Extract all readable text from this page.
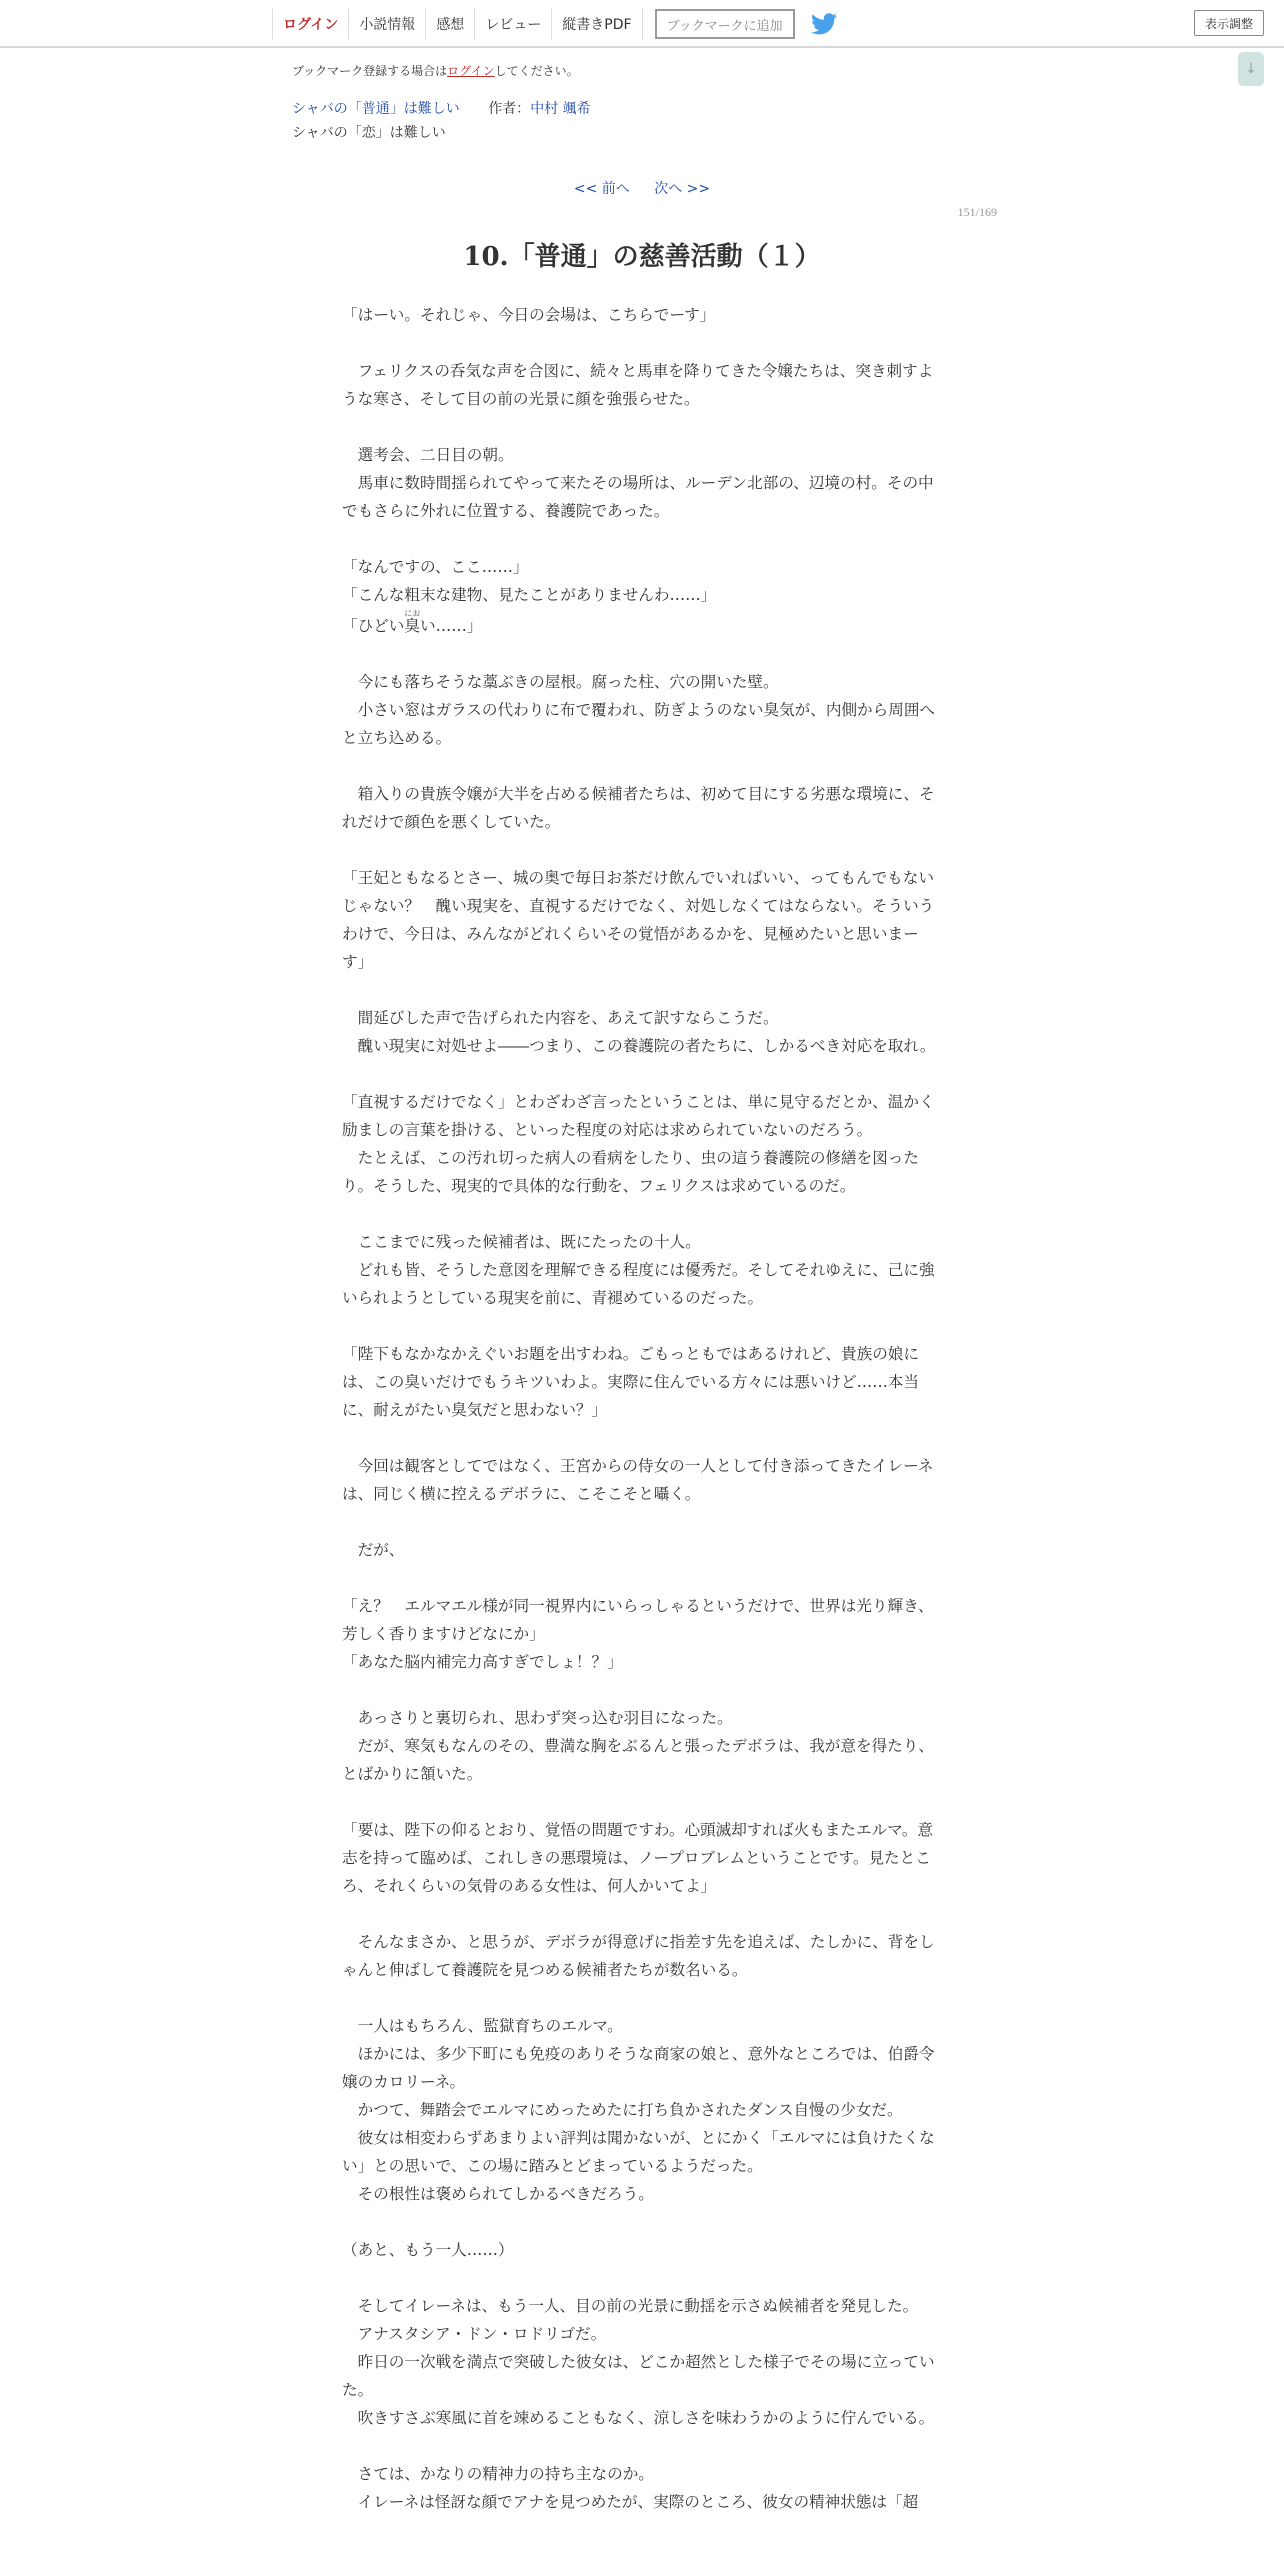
ログイン	小説情報	感想	レビュー	縦書きPDF	ブックマークに追加	表示調整
↓
ブックマーク登録する場合はログインしてください。
シャバの「普通」は難しい 作者：中村 颯希
シャバの「恋」は難しい
<< 前へ 次へ >>
151/169
10.「普通」の慈善活動（１）

「はーい。それじゃ、今日の会場は、こちらでーす」

　フェリクスの呑気な声を合図に、続々と馬車を降りてきた令嬢たちは、突き刺すような寒さ、そして目の前の光景に顔を強張らせた。

　選考会、二日目の朝。

　馬車に数時間揺られてやって来たその場所は、ルーデン北部の、辺境の村。その中でもさらに外れに位置する、養護院であった。

「なんですの、ここ……」

「こんな粗末な建物、見たことがありませんわ……」

「ひどい臭におい……」

　今にも落ちそうな藁ぶきの屋根。腐った柱、穴の開いた壁。

　小さい窓はガラスの代わりに布で覆われ、防ぎようのない臭気が、内側から周囲へと立ち込める。

　箱入りの貴族令嬢が大半を占める候補者たちは、初めて目にする劣悪な環境に、それだけで顔色を悪くしていた。

「王妃ともなるとさー、城の奥で毎日お茶だけ飲んでいればいい、ってもんでもないじゃない？　醜い現実を、直視するだけでなく、対処しなくてはならない。そういうわけで、今日は、みんながどれくらいその覚悟があるかを、見極めたいと思いまーす」

　間延びした声で告げられた内容を、あえて訳すならこうだ。

　醜い現実に対処せよ――つまり、この養護院の者たちに、しかるべき対応を取れ。

「直視するだけでなく」とわざわざ言ったということは、単に見守るだとか、温かく励ましの言葉を掛ける、といった程度の対応は求められていないのだろう。

　たとえば、この汚れ切った病人の看病をしたり、虫の這う養護院の修繕を図ったり。そうした、現実的で具体的な行動を、フェリクスは求めているのだ。

　ここまでに残った候補者は、既にたったの十人。

　どれも皆、そうした意図を理解できる程度には優秀だ。そしてそれゆえに、己に強いられようとしている現実を前に、青褪めているのだった。

「陛下もなかなかえぐいお題を出すわね。ごもっともではあるけれど、貴族の娘には、この臭いだけでもうキツいわよ。実際に住んでいる方々には悪いけど……本当に、耐えがたい臭気だと思わない？」

　今回は観客としてではなく、王宮からの侍女の一人として付き添ってきたイレーネは、同じく横に控えるデボラに、こそこそと囁く。

　だが、

「え？　エルマエル様が同一視界内にいらっしゃるというだけで、世界は光り輝き、芳しく香りますけどなにか」

「あなた脳内補完力高すぎでしょ！？」

　あっさりと裏切られ、思わず突っ込む羽目になった。

　だが、寒気もなんのその、豊満な胸をぶるんと張ったデボラは、我が意を得たり、とばかりに頷いた。

「要は、陛下の仰るとおり、覚悟の問題ですわ。心頭滅却すれば火もまたエルマ。意志を持って臨めば、これしきの悪環境は、ノープロブレムということです。見たところ、それくらいの気骨のある女性は、何人かいてよ」

　そんなまさか、と思うが、デボラが得意げに指差す先を追えば、たしかに、背をしゃんと伸ばして養護院を見つめる候補者たちが数名いる。

　一人はもちろん、監獄育ちのエルマ。

　ほかには、多少下町にも免疫のありそうな商家の娘と、意外なところでは、伯爵令嬢のカロリーネ。

　かつて、舞踏会でエルマにめっためたに打ち負かされたダンス自慢の少女だ。

　彼女は相変わらずあまりよい評判は聞かないが、とにかく「エルマには負けたくない」との思いで、この場に踏みとどまっているようだった。

　その根性は褒められてしかるべきだろう。

（あと、もう一人……）

　そしてイレーネは、もう一人、目の前の光景に動揺を示さぬ候補者を発見した。

　アナスタシア・ドン・ロドリゴだ。

　昨日の一次戦を満点で突破した彼女は、どこか超然とした様子でその場に立っていた。

　吹きすさぶ寒風に首を竦めることもなく、涼しさを味わうかのように佇んでいる。

　さては、かなりの精神力の持ち主なのか。

　イレーネは怪訝な顔でアナを見つめたが、実際のところ、彼女の精神状態は「超
